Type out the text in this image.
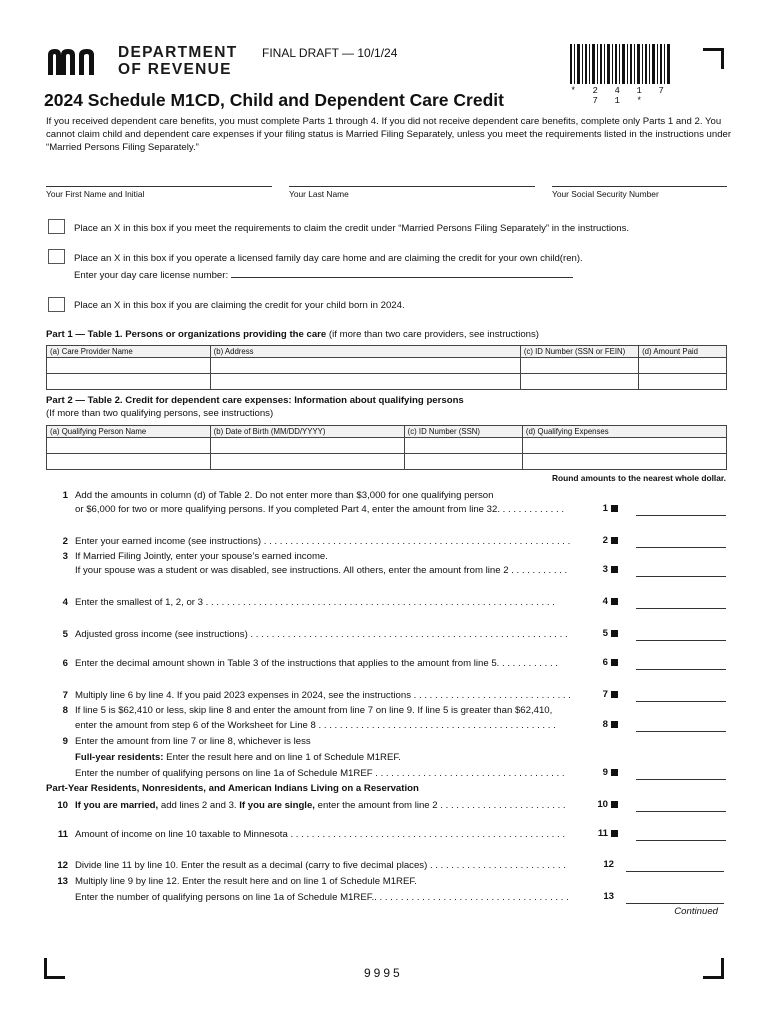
DEPARTMENT
OF REVENUE
FINAL DRAFT — 10/1/24
* 2 4 1 7 7 1 *
2024 Schedule M1CD, Child and Dependent Care Credit
If you received dependent care benefits, you must complete Parts 1 through 4. If you did not receive dependent care benefits, complete only Parts 1 and 2. You cannot claim child and dependent care expenses if your filing status is Married Filing Separately, unless you meet the requirements listed in the instructions under “Married Persons Filing Separately.”
Your First Name and Initial	Your Last Name	Your Social Security Number
Place an X in this box if you meet the requirements to claim the credit under “Married Persons Filing Separately” in the instructions.
Place an X in this box if you operate a licensed family day care home and are claiming the credit for your own child(ren).
Enter your day care license number:
Place an X in this box if you are claiming the credit for your child born in 2024.
Part 1 — Table 1. Persons or organizations providing the care (if more than two care providers, see instructions)
(a) Care Provider Name	(b) Address	(c) ID Number (SSN or FEIN)	(d) Amount Paid

Part 2 — Table 2. Credit for dependent care expenses: Information about qualifying persons
(If more than two qualifying persons, see instructions)
(a) Qualifying Person Name	(b) Date of Birth (MM/DD/YYYY)	(c) ID Number (SSN)	(d) Qualifying Expenses

Round amounts to the nearest whole dollar.
1 Add the amounts in column (d) of Table 2. Do not enter more than $3,000 for one qualifying person
or $6,000 for two or more qualifying persons. If you completed Part 4, enter the amount from line 32. . . . . . . . . . . . .	1
2 Enter your earned income (see instructions) . . . . . . . . . . . . . . . . . . . . . . . . . . . . . . . . . . . . . . . . . . . . . . . . . . . . . . . . . .	2
3 If Married Filing Jointly, enter your spouse’s earned income.
If your spouse was a student or was disabled, see instructions. All others, enter the amount from line 2 . . . . . . . . . . .	3
4 Enter the smallest of 1, 2, or 3 . . . . . . . . . . . . . . . . . . . . . . . . . . . . . . . . . . . . . . . . . . . . . . . . . . . . . . . . . . . . . . . . . .	4
5 Adjusted gross income (see instructions) . . . . . . . . . . . . . . . . . . . . . . . . . . . . . . . . . . . . . . . . . . . . . . . . . . . . . . . . . . . .	5
6 Enter the decimal amount shown in Table 3 of the instructions that applies to the amount from line 5. . . . . . . . . . . .	6
7 Multiply line 6 by line 4. If you paid 2023 expenses in 2024, see the instructions . . . . . . . . . . . . . . . . . . . . . . . . . . . . . .	7
8 If line 5 is $62,410 or less, skip line 8 and enter the amount from line 7 on line 9. If line 5 is greater than $62,410,
enter the amount from step 6 of the Worksheet for Line 8 . . . . . . . . . . . . . . . . . . . . . . . . . . . . . . . . . . . . . . . . . . . . .	8
9 Enter the amount from line 7 or line 8, whichever is less
Full-year residents: Enter the result here and on line 1 of Schedule M1REF.
Enter the number of qualifying persons on line 1a of Schedule M1REF . . . . . . . . . . . . . . . . . . . . . . . . . . . . . . . . . . . .	9
Part-Year Residents, Nonresidents, and American Indians Living on a Reservation
10 If you are married, add lines 2 and 3. If you are single, enter the amount from line 2 . . . . . . . . . . . . . . . . . . . . . . . .	10
11 Amount of income on line 10 taxable to Minnesota . . . . . . . . . . . . . . . . . . . . . . . . . . . . . . . . . . . . . . . . . . . . . . . . . . . .	11
12 Divide line 11 by line 10. Enter the result as a decimal (carry to five decimal places) . . . . . . . . . . . . . . . . . . . . . . . . . .	12
13 Multiply line 9 by line 12. Enter the result here and on line 1 of Schedule M1REF.
Enter the number of qualifying persons on line 1a of Schedule M1REF.. . . . . . . . . . . . . . . . . . . . . . . . . . . . . . . . . . . . .	13
Continued
9995
